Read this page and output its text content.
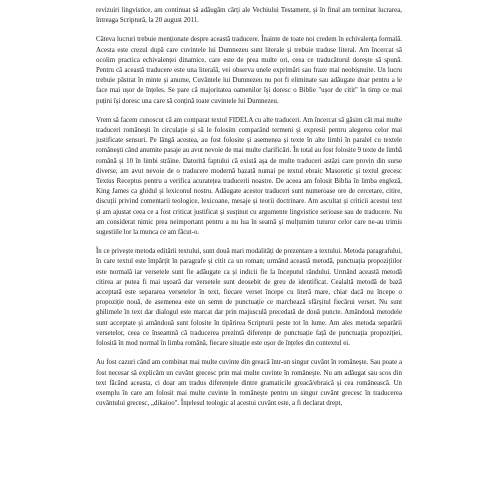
revizuiri lingvistice, am continuat să adăugăm cărți ale Vechiului Testament, și în final am terminat lucrarea, întreaga Scriptură, la 20 august 2011.

Câteva lucruri trebuie menționate despre această traducere. Înainte de toate noi credem în echivalența formală. Acesta este crezul după care cuvintele lui Dumnezeu sunt literale și trebuie traduse literal. Am încercat să ocolim practica echivalenței dinamice, care este de prea multe ori, ceea ce traducătorul dorește să spună. Pentru că această traducere este una literală, vei observa unele exprimări sau fraze mai neobișnuite. Un lucru trebuie păstrat în minte și anume, Cuvântele lui Dumnezeu nu pot fi eliminate sau adăugate doar pentru a le face mai ușor de înțeles. Se pare că majoritatea oamenilor își doresc o Biblie "ușor de citit" în timp ce mai puțini își doresc una care să conțină toate cuvintele lui Dumnezeu.

Vrem să facem cunoscut că am comparat textul FIDELA cu alte traduceri. Am încercat să găsim cât mai multe traduceri românești în circulație și să le folosim comparând termeni și expresii pentru alegerea celor mai justificate sensuri. Pe lângă acestea, au fost folosite și asemenea și texte în alte limbi în paralel cu textele românești când anumite pasaje au avut nevoie de mai multe clarificări. În total au fost folosite 9 texte de limbă română și 10 în limbi străine. Datorită faptului că există așa de multe traduceri astăzi care provin din surse diverse, am avut nevoie de o traducere modernă bazată numai pe textul ebraic Masoretic și textul grecesc Textus Receptus pentru a verifica acuratețea traducerii noastre. De aceea am folosit Biblia în limba engleză, King James ca ghidul și lexiconul nostru. Adăugate acestor traduceri sunt numeroase ore de cercetare, citire, discuții privind comentarii teologice, lexicoane, mesaje și teorii doctrinare. Am ascultat și criticii acestui text și am ajustat ceea ce a fost criticat justificat și susținut cu argumente lingvistice serioase sau de traducere. Nu am considerat nimic prea neimportant pentru a nu lua în seamă și mulțumim tuturor celor care ne-au trimis sugestiile lor la munca ce am făcut-o.

În ce privește metoda editării textului, sunt două mari modalități de prezentare a textului. Metoda paragrafului, în care textul este împărțit în paragrafe și citit ca un roman; urmând această metodă, punctuația propozițiilor este normală iar versetele sunt fie adăugate ca și indicii fie la începutul rândului. Urmând această metodă citirea ar putea fi mai ușoară dar versetele sunt deosebit de greu de identificat. Cealaltă metodă de bază acceptată este separarea versetelor în text, fiecare verset începe cu literă mare, chiar dacă nu începe o propoziție nouă, de asemenea este un semn de punctuație ce marchează sfârșitul fiecărui verset. Nu sunt ghilimele în text dar dialogul este marcat dar prin majusculă precedată de două puncte. Amândouă metodele sunt acceptate și amândouă sunt folosite în tipărirea Scripturii peste tot în lume. Am ales metoda separării versetelor, ceea ce înseamnă că traducerea prezintă diferențe de punctuație față de punctuația propoziției, folosită în mod normal în limba română, fiecare situație este ușor de înțeles din contextul ei.

Au fost cazuri când am combinat mai multe cuvinte din greacă într-un singur cuvânt în românește. Sau poate a fost necesar să explicăm un cuvânt grecesc prin mai multe cuvinte în românește. Nu am adăugat sau scos din text făcând aceasta, ci doar am tradus diferențele dintre gramaticile greacă/ebraică și cea românească. Un exemplu în care am folosit mai multe cuvinte în românește pentru un singur cuvânt grecesc în traducerea cuvântului grecesc, „dikaioo". Înțelesul teologic al acestui cuvânt este, a fi declarat drept,
